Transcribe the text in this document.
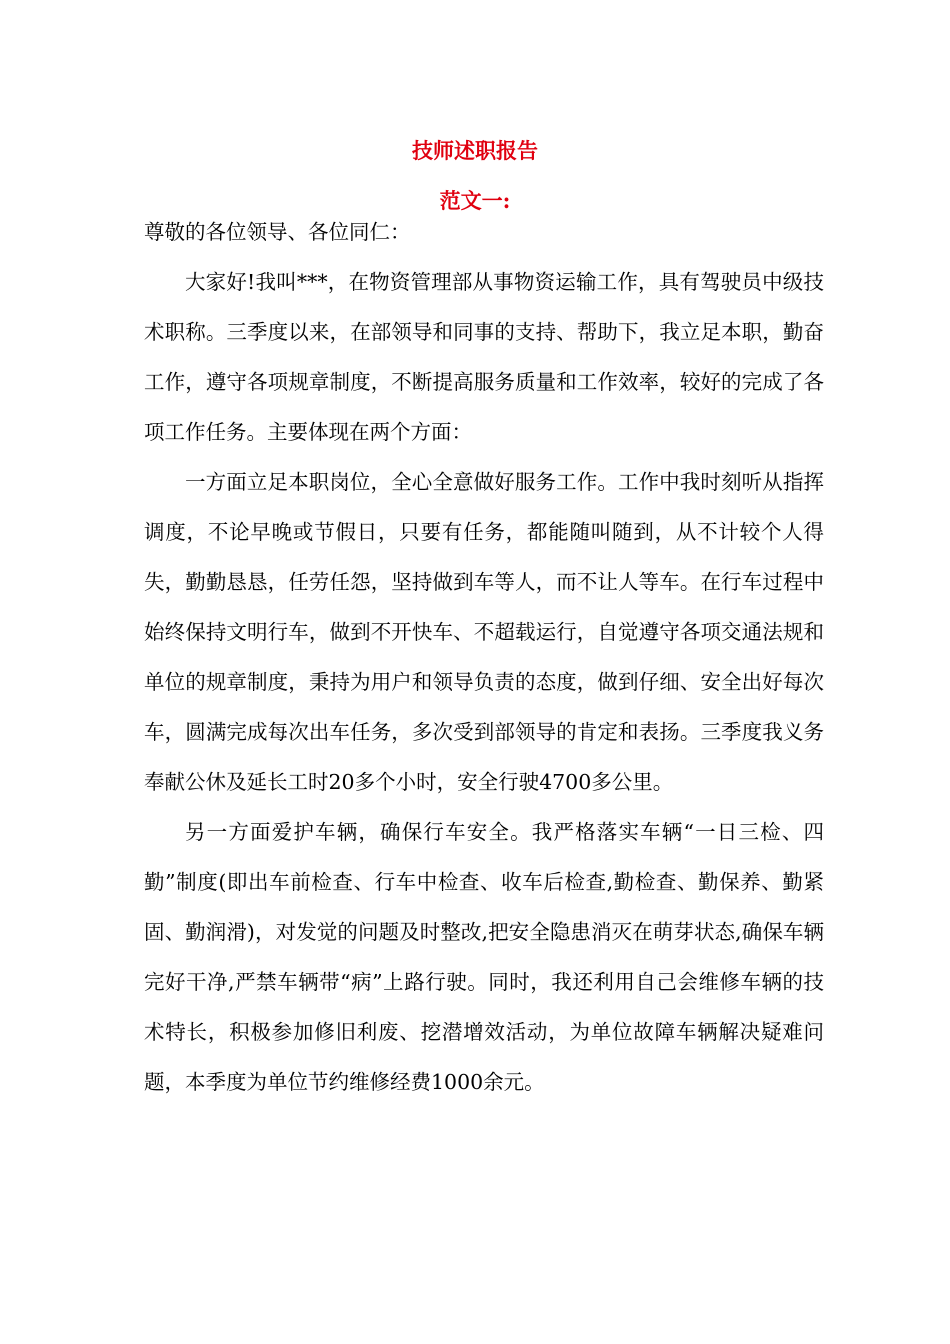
技师述职报告
范文一:

尊敬的各位领导、各位同仁：

大家好!我叫***，在物资管理部从事物资运输工作，具有驾驶员中级技术职称。三季度以来，在部领导和同事的支持、帮助下，我立足本职，勤奋工作，遵守各项规章制度，不断提高服务质量和工作效率，较好的完成了各项工作任务。主要体现在两个方面：

一方面立足本职岗位，全心全意做好服务工作。工作中我时刻听从指挥调度，不论早晚或节假日，只要有任务，都能随叫随到，从不计较个人得失，勤勤恳恳，任劳任怨，坚持做到车等人，而不让人等车。在行车过程中始终保持文明行车，做到不开快车、不超载运行，自觉遵守各项交通法规和单位的规章制度，秉持为用户和领导负责的态度，做到仔细、安全出好每次车，圆满完成每次出车任务，多次受到部领导的肯定和表扬。三季度我义务奉献公休及延长工时20多个小时，安全行驶4700多公里。

另一方面爱护车辆，确保行车安全。我严格落实车辆“一日三检、四勤”制度(即出车前检查、行车中检查、收车后检查,勤检查、勤保养、勤紧固、勤润滑)，对发觉的问题及时整改,把安全隐患消灭在萌芽状态,确保车辆完好干净,严禁车辆带“病”上路行驶。同时，我还利用自己会维修车辆的技术特长，积极参加修旧利废、挖潜增效活动，为单位故障车辆解决疑难问题，本季度为单位节约维修经费1000余元。
